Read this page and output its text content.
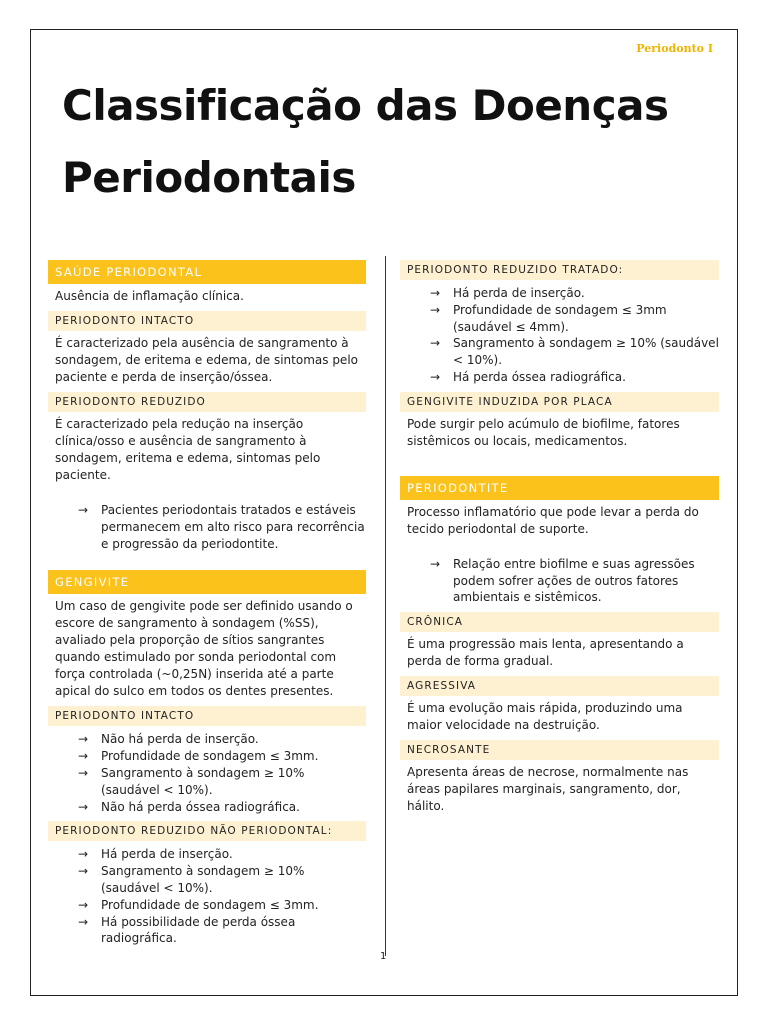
Periodonto I
Classificação das Doenças Periodontais
SAÚDE PERIODONTAL

Ausência de inflamação clínica.

PERIODONTO INTACTO

É caracterizado pela ausência de sangramento à sondagem, de eritema e edema, de sintomas pelo paciente e perda de inserção/óssea.

PERIODONTO REDUZIDO

É caracterizado pela redução na inserção clínica/osso e ausência de sangramento à sondagem, eritema e edema, sintomas pelo paciente.

→ Pacientes periodontais tratados e estáveis permanecem em alto risco para recorrência e progressão da periodontite.
GENGIVITE

Um caso de gengivite pode ser definido usando o escore de sangramento à sondagem (%SS), avaliado pela proporção de sítios sangrantes quando estimulado por sonda periodontal com força controlada (~0,25N) inserida até a parte apical do sulco em todos os dentes presentes.

PERIODONTO INTACTO
→ Não há perda de inserção.
→ Profundidade de sondagem ≤ 3mm.
→ Sangramento à sondagem ≥ 10% (saudável < 10%).
→ Não há perda óssea radiográfica.
PERIODONTO REDUZIDO NÃO PERIODONTAL:
→ Há perda de inserção.
→ Sangramento à sondagem ≥ 10% (saudável < 10%).
→ Profundidade de sondagem ≤ 3mm.
→ Há possibilidade de perda óssea radiográfica.
PERIODONTO REDUZIDO TRATADO:
→ Há perda de inserção.
→ Profundidade de sondagem ≤ 3mm (saudável ≤ 4mm).
→ Sangramento à sondagem ≥ 10% (saudável < 10%).
→ Há perda óssea radiográfica.
GENGIVITE INDUZIDA POR PLACA

Pode surgir pelo acúmulo de biofilme, fatores sistêmicos ou locais, medicamentos.

PERIODONTITE

Processo inflamatório que pode levar a perda do tecido periodontal de suporte.

→ Relação entre biofilme e suas agressões podem sofrer ações de outros fatores ambientais e sistêmicos.
CRÔNICA

É uma progressão mais lenta, apresentando a perda de forma gradual.

AGRESSIVA

É uma evolução mais rápida, produzindo uma maior velocidade na destruição.

NECROSANTE

Apresenta áreas de necrose, normalmente nas áreas papilares marginais, sangramento, dor, hálito.

1
